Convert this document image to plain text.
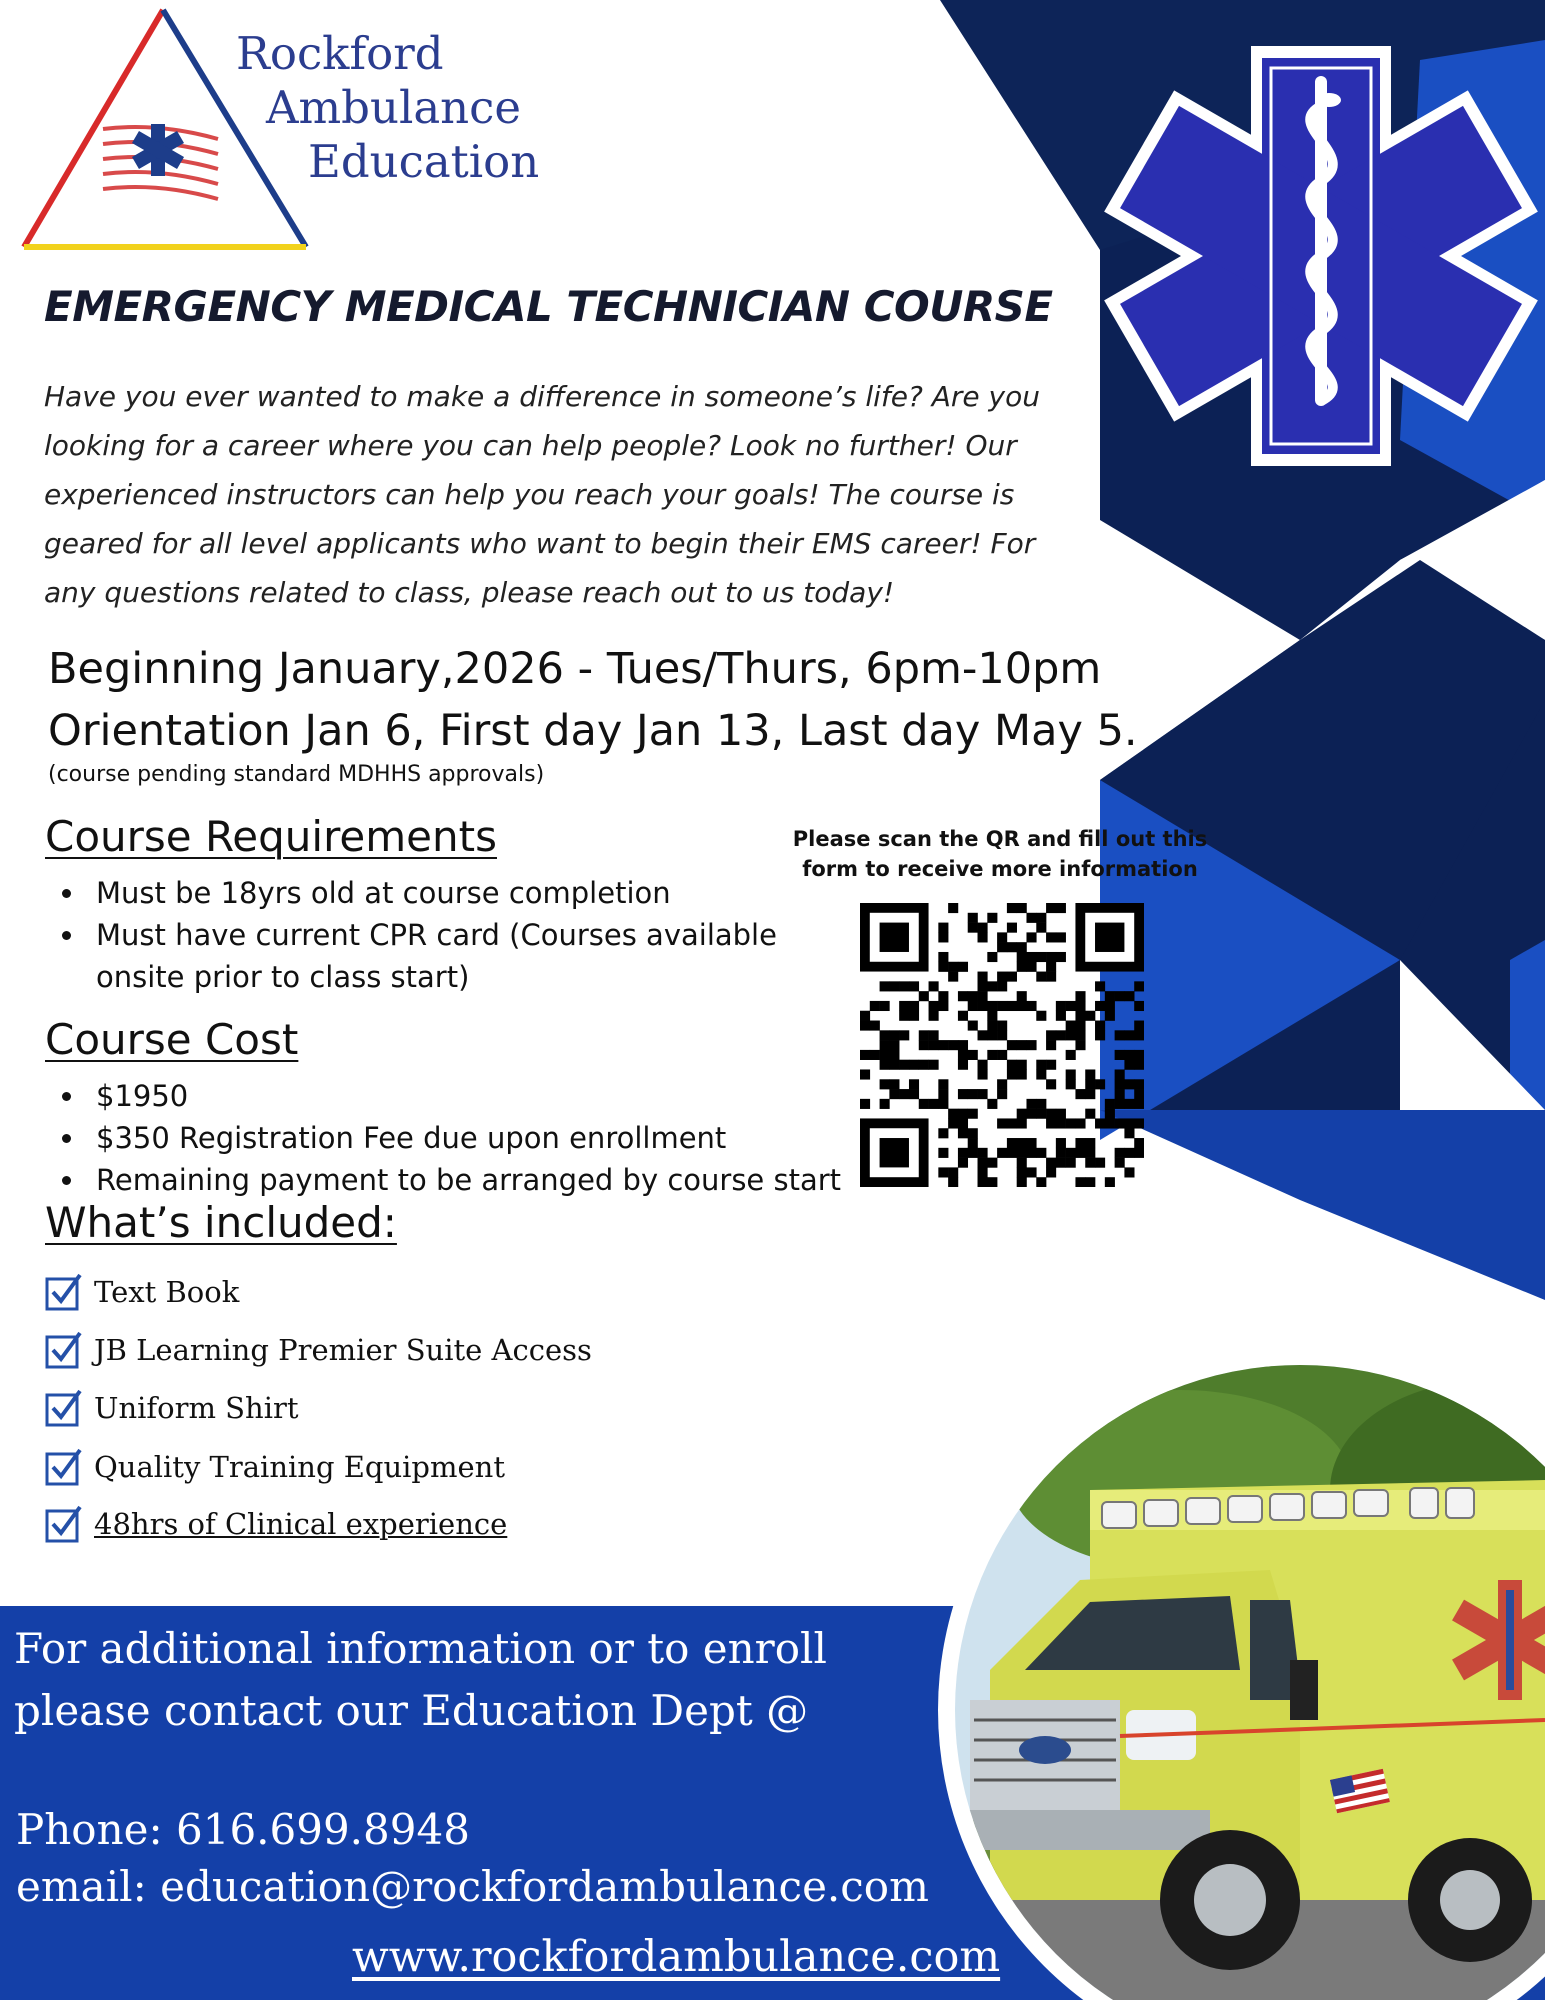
Rockford
Ambulance
Education
EMERGENCY MEDICAL TECHNICIAN COURSE
Have you ever wanted to make a difference in someone’s life? Are you looking for a career where you can help people? Look no further! Our experienced instructors can help you reach your goals! The course is geared for all level applicants who want to begin their EMS career! For any questions related to class, please reach out to us today!
Beginning January,2026 - Tues/Thurs, 6pm-10pm
Orientation Jan 6, First day Jan 13, Last day May 5.
(course pending standard MDHHS approvals)
Course Requirements
Must be 18yrs old at course completion
Must have current CPR card (Courses available onsite prior to class start)
Course Cost
$1950
$350 Registration Fee due upon enrollment
Remaining payment to be arranged by course start
Please scan the QR and fill out this form to receive more information
What’s included:
Text Book
JB Learning Premier Suite Access
Uniform Shirt
Quality Training Equipment
48hrs of Clinical experience
For additional information or to enroll
please contact our Education Dept @
Phone: 616.699.8948
email: education@rockfordambulance.com
www.rockfordambulance.com
